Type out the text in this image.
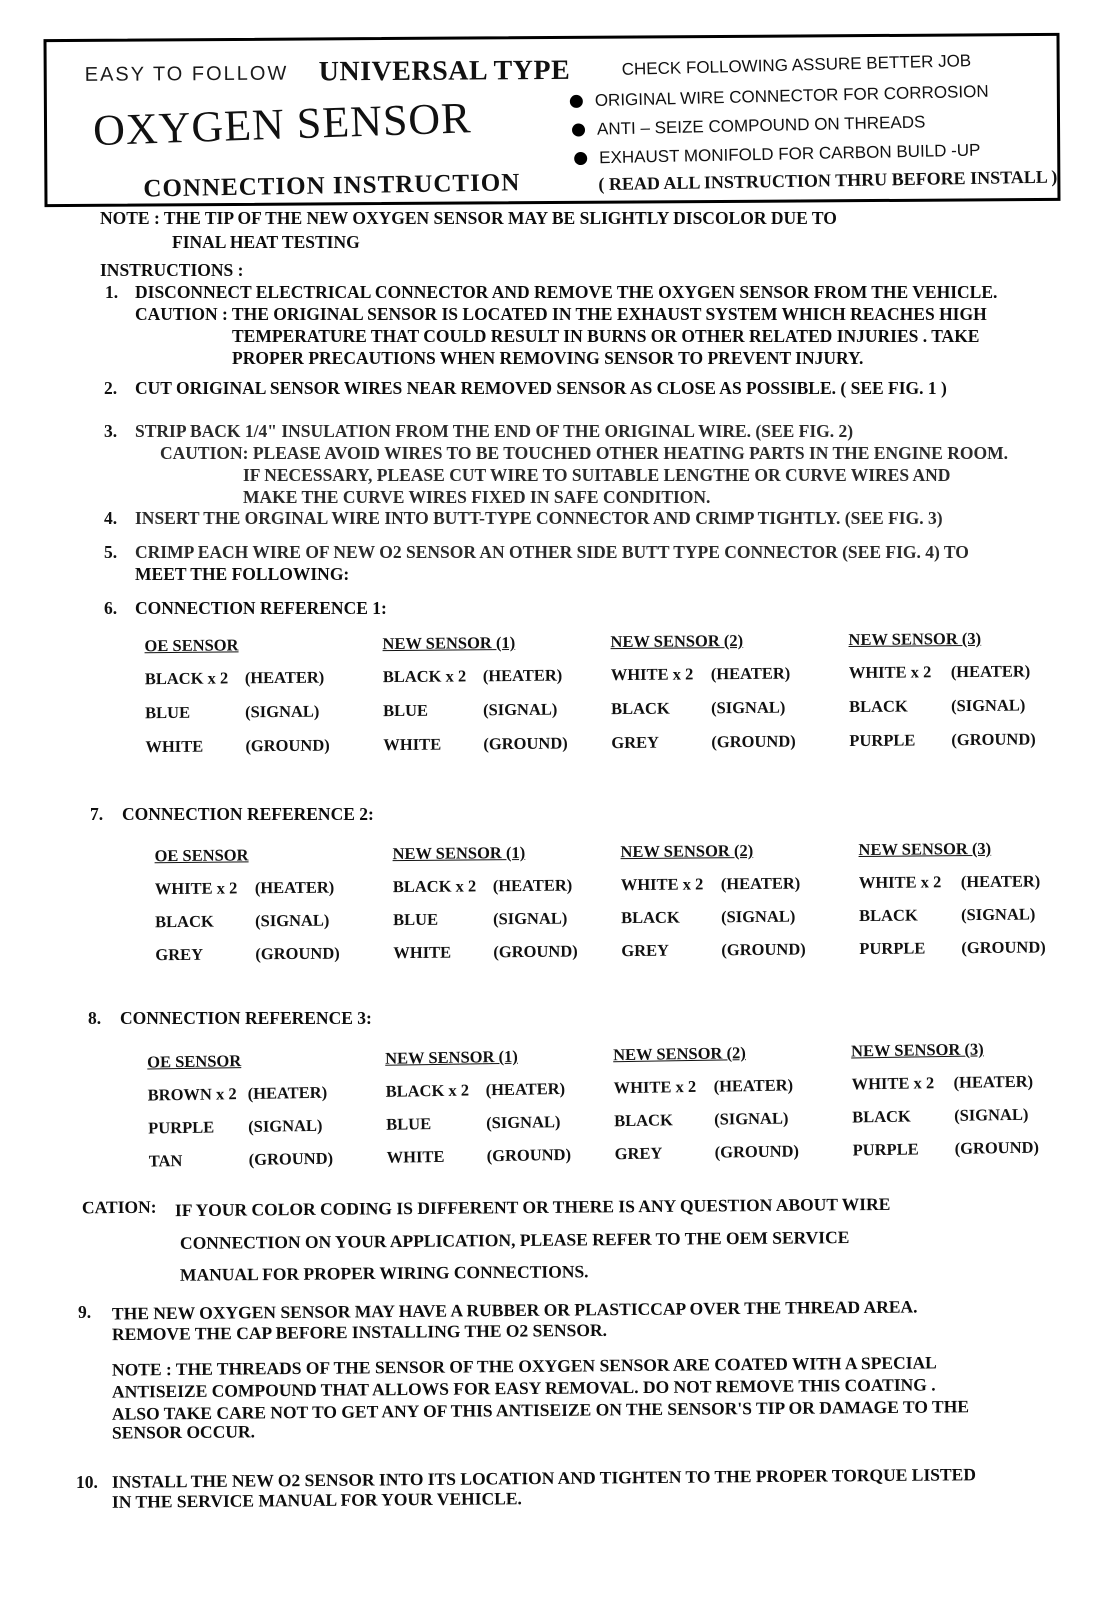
EASY TO FOLLOW UNIVERSAL TYPE
OXYGEN SENSOR
CONNECTION INSTRUCTION
CHECK FOLLOWING ASSURE BETTER JOB
ORIGINAL WIRE CONNECTOR FOR CORROSION
ANTI – SEIZE COMPOUND ON THREADS
EXHAUST MONIFOLD FOR CARBON BUILD -UP
( READ ALL INSTRUCTION THRU BEFORE INSTALL )
NOTE : THE TIP OF THE NEW OXYGEN SENSOR MAY BE SLIGHTLY DISCOLOR DUE TO
FINAL HEAT TESTING
INSTRUCTIONS :
1. DISCONNECT ELECTRICAL CONNECTOR AND REMOVE THE OXYGEN SENSOR FROM THE VEHICLE.
CAUTION : THE ORIGINAL SENSOR IS LOCATED IN THE EXHAUST SYSTEM WHICH REACHES HIGH
TEMPERATURE THAT COULD RESULT IN BURNS OR OTHER RELATED INJURIES . TAKE
PROPER PRECAUTIONS WHEN REMOVING SENSOR TO PREVENT INJURY.
2. CUT ORIGINAL SENSOR WIRES NEAR REMOVED SENSOR AS CLOSE AS POSSIBLE. ( SEE FIG. 1 )
3. STRIP BACK 1/4" INSULATION FROM THE END OF THE ORIGINAL WIRE. (SEE FIG. 2)
CAUTION: PLEASE AVOID WIRES TO BE TOUCHED OTHER HEATING PARTS IN THE ENGINE ROOM.
IF NECESSARY, PLEASE CUT WIRE TO SUITABLE LENGTHE OR CURVE WIRES AND
MAKE THE CURVE WIRES FIXED IN SAFE CONDITION.
4. INSERT THE ORGINAL WIRE INTO BUTT-TYPE CONNECTOR AND CRIMP TIGHTLY. (SEE FIG. 3)
5. CRIMP EACH WIRE OF NEW O2 SENSOR AN OTHER SIDE BUTT TYPE CONNECTOR (SEE FIG. 4) TO
MEET THE FOLLOWING:
6. CONNECTION REFERENCE 1:
OE SENSOR	NEW SENSOR (1)	NEW SENSOR (2)	NEW SENSOR (3)
BLACK x 2 (HEATER)	BLACK x 2 (HEATER)	WHITE x 2 (HEATER)	WHITE x 2 (HEATER)
BLUE	(SIGNAL)	BLUE	(SIGNAL)	BLACK (SIGNAL)	BLACK	(SIGNAL)
WHITE	(GROUND)	WHITE	(GROUND)	GREY	(GROUND)	PURPLE (GROUND)
7. CONNECTION REFERENCE 2:
OE SENSOR	NEW SENSOR (1)	NEW SENSOR (2)	NEW SENSOR (3)
WHITE x 2 (HEATER)	BLACK x 2 (HEATER)	WHITE x 2 (HEATER)	WHITE x 2 (HEATER)
BLACK (SIGNAL)	BLUE	(SIGNAL)	BLACK (SIGNAL)	BLACK	(SIGNAL)
GREY	(GROUND)	WHITE	(GROUND)	GREY	(GROUND)	PURPLE (GROUND)
8. CONNECTION REFERENCE 3:
OE SENSOR	NEW SENSOR (1)	NEW SENSOR (2)	NEW SENSOR (3)
BROWN x 2 (HEATER)	BLACK x 2 (HEATER)	WHITE x 2 (HEATER)	WHITE x 2 (HEATER)
PURPLE (SIGNAL)	BLUE	(SIGNAL)	BLACK (SIGNAL)	BLACK	(SIGNAL)
TAN	(GROUND)	WHITE	(GROUND)	GREY	(GROUND)	PURPLE (GROUND)
CATION: IF YOUR COLOR CODING IS DIFFERENT OR THERE IS ANY QUESTION ABOUT WIRE
CONNECTION ON YOUR APPLICATION, PLEASE REFER TO THE OEM SERVICE
MANUAL FOR PROPER WIRING CONNECTIONS.
9. THE NEW OXYGEN SENSOR MAY HAVE A RUBBER OR PLASTICCAP OVER THE THREAD AREA.
REMOVE THE CAP BEFORE INSTALLING THE O2 SENSOR.
NOTE : THE THREADS OF THE SENSOR OF THE OXYGEN SENSOR ARE COATED WITH A SPECIAL
ANTISEIZE COMPOUND THAT ALLOWS FOR EASY REMOVAL. DO NOT REMOVE THIS COATING .
ALSO TAKE CARE NOT TO GET ANY OF THIS ANTISEIZE ON THE SENSOR'S TIP OR DAMAGE TO THE
SENSOR OCCUR.
10. INSTALL THE NEW O2 SENSOR INTO ITS LOCATION AND TIGHTEN TO THE PROPER TORQUE LISTED
IN THE SERVICE MANUAL FOR YOUR VEHICLE.
